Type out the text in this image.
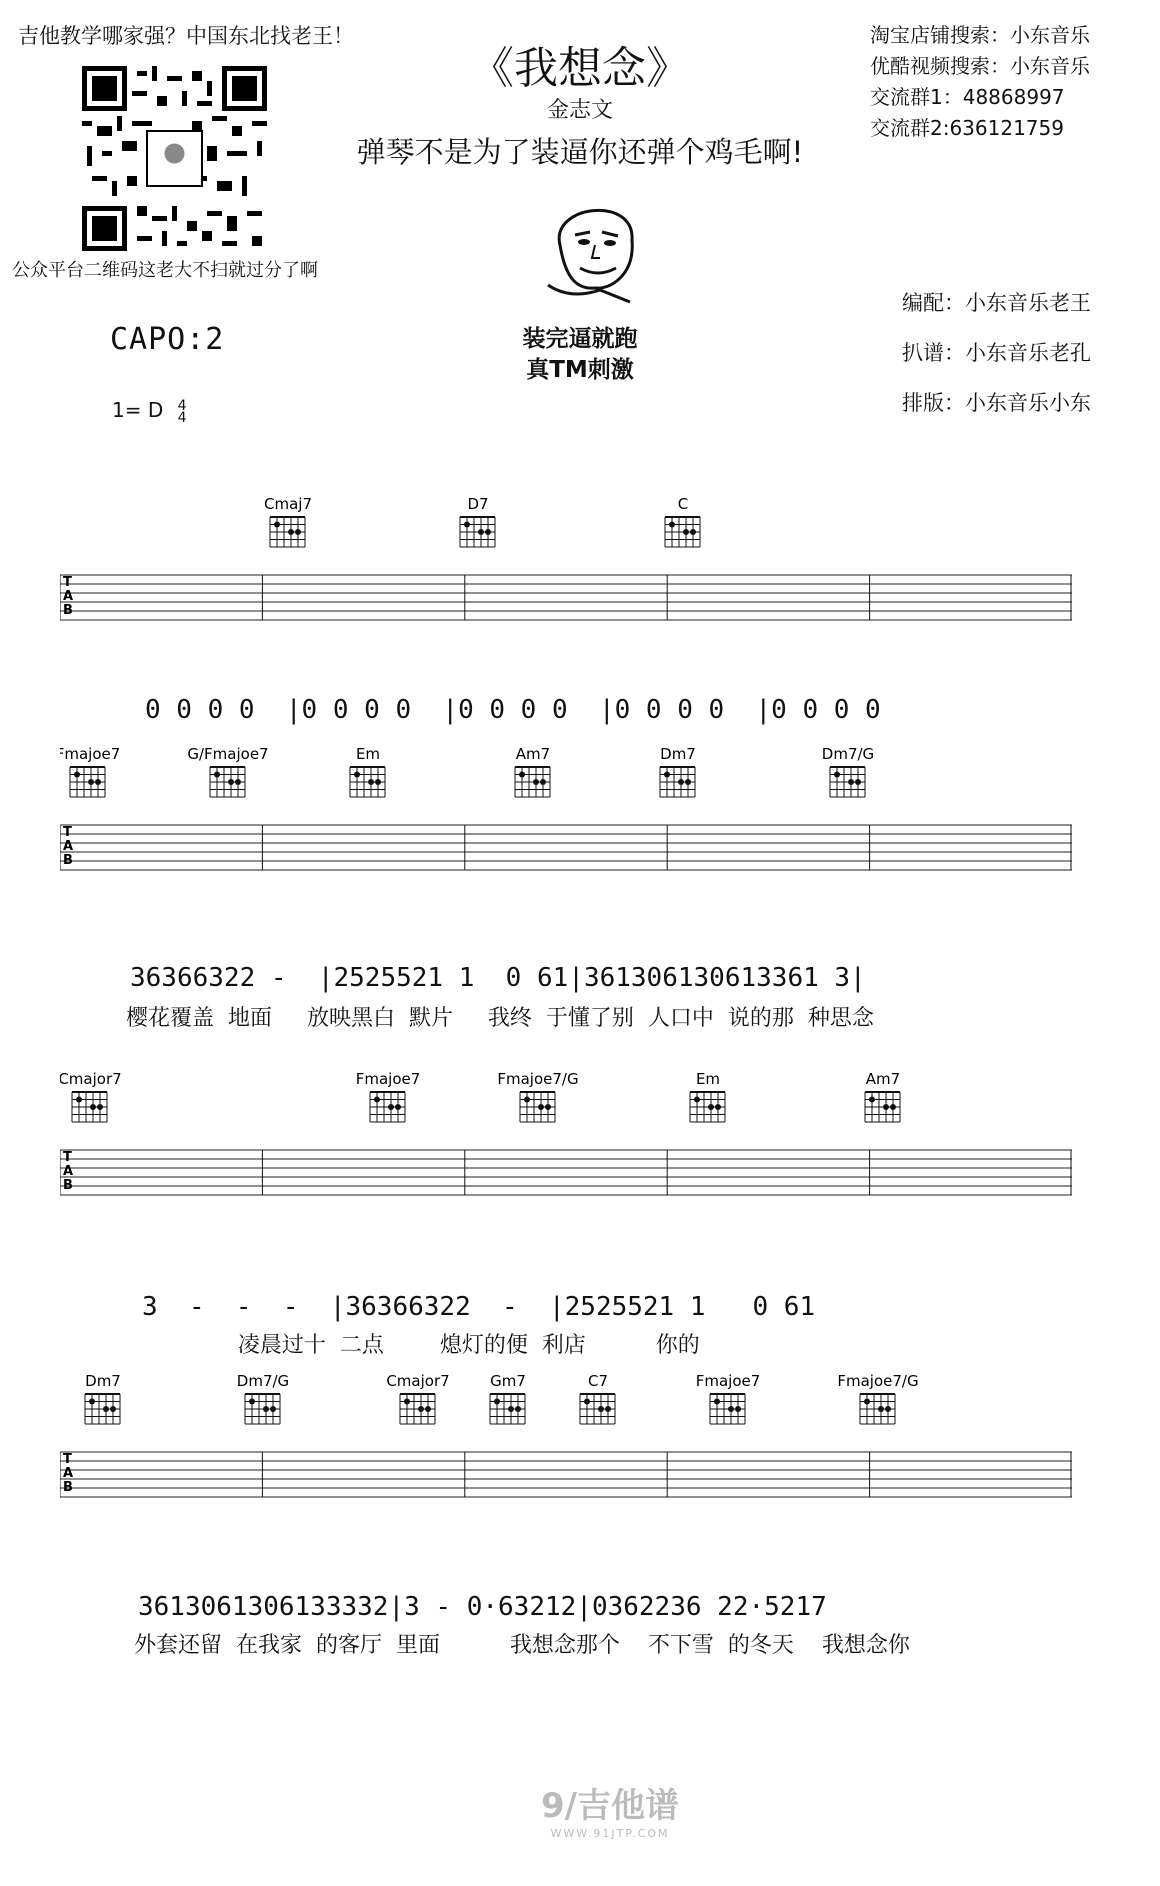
吉他教学哪家强？中国东北找老王！
公众平台二维码这老大不扫就过分了啊
CAPO:2
1= D 4
4
《我想念》
金志文
弹琴不是为了装逼你还弹个鸡毛啊!
装完逼就跑
真TM刺激
淘宝店铺搜索：小东音乐
优酷视频搜索：小东音乐
交流群1：48868997
交流群2:636121759
编配：小东音乐老王
扒谱：小东音乐老孔
排版：小东音乐小东
Cmaj7	D7	C
T
A
B
0 0 0 0  |0 0 0 0  |0 0 0 0  |0 0 0 0  |0 0 0 0
Fmajoe7	G/Fmajoe7	Em	Am7	Dm7	Dm7/G
T
A
B
36366322 -  |2525521 1  0 61|361306130613361 3|
樱花覆盖  地面     放映黑白  默片     我终  于懂了别  人口中  说的那  种思念
Cmajor7	Fmajoe7	Fmajoe7/G	Em	Am7
T
A
B
3  -  -  -  |36366322  -  |2525521 1   0 61
凌晨过十  二点        熄灯的便  利店          你的
Dm7	Dm7/G	Cmajor7	Gm7	C7	Fmajoe7	Fmajoe7/G
T
A
B
3613061306133332|3 - 0·63212|0362236 22·5217
外套还留  在我家  的客厅  里面          我想念那个    不下雪  的冬天    我想念你
9/吉他谱
WWW.91JTP.COM
